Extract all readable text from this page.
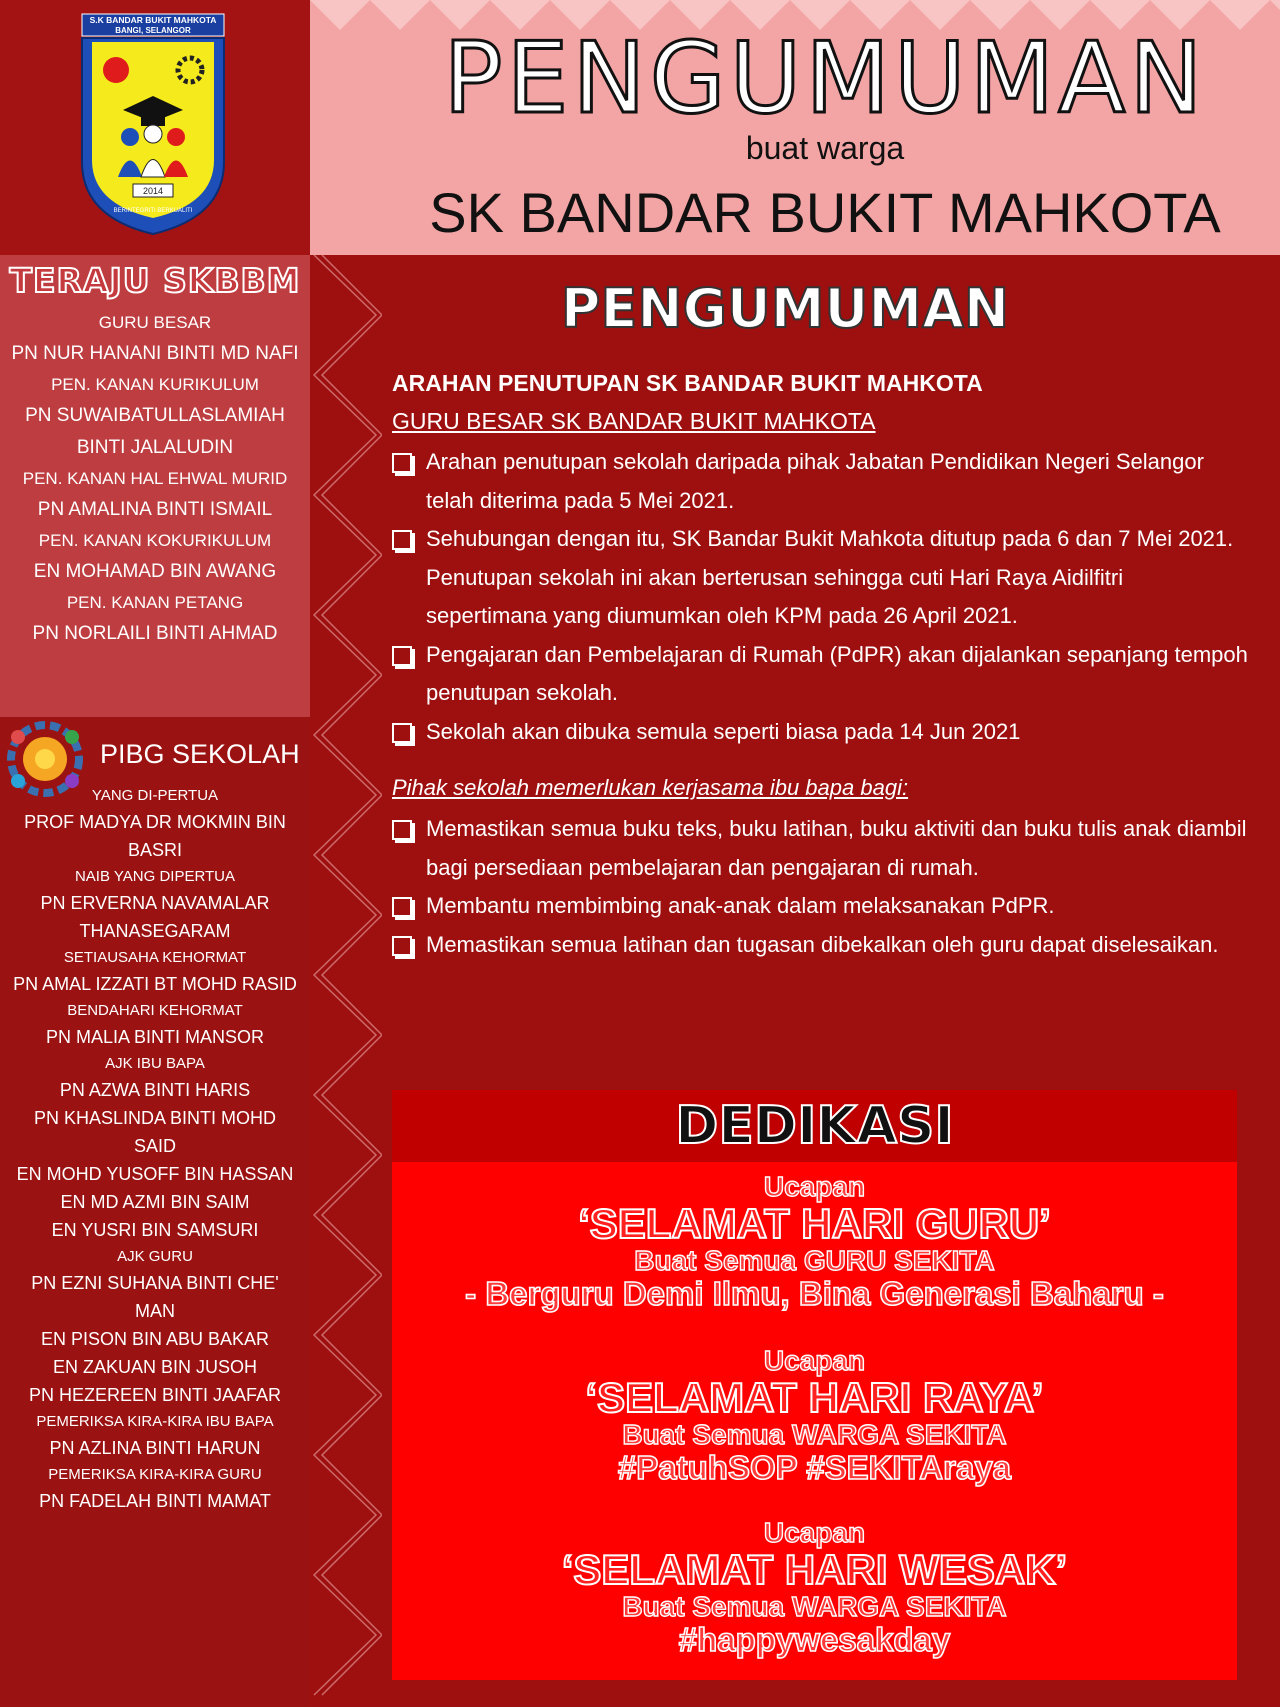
S.K BANDAR BUKIT MAHKOTA
BANGI, SELANGOR
2014
BERINTEGRITI BERKUALITI
TERAJU SKBBM
GURU BESAR
PN NUR HANANI BINTI MD NAFI
PEN. KANAN KURIKULUM
PN SUWAIBATULLASLAMIAH BINTI JALALUDIN
PEN. KANAN HAL EHWAL MURID
PN AMALINA BINTI ISMAIL
PEN. KANAN KOKURIKULUM
EN MOHAMAD BIN AWANG
PEN. KANAN PETANG
PN NORLAILI BINTI AHMAD
PIBG SEKOLAH
YANG DI-PERTUA
PROF MADYA DR MOKMIN BIN BASRI
NAIB YANG DIPERTUA
PN ERVERNA NAVAMALAR THANASEGARAM
SETIAUSAHA KEHORMAT
PN AMAL IZZATI BT MOHD RASID
BENDAHARI KEHORMAT
PN MALIA BINTI MANSOR
AJK IBU BAPA
PN AZWA BINTI HARIS
PN KHASLINDA BINTI MOHD SAID
EN MOHD YUSOFF BIN HASSAN
EN MD AZMI BIN SAIM
EN YUSRI BIN SAMSURI
AJK GURU
PN EZNI SUHANA BINTI CHE' MAN
EN PISON BIN ABU BAKAR
EN ZAKUAN BIN JUSOH
PN HEZEREEN BINTI JAAFAR
PEMERIKSA KIRA-KIRA IBU BAPA
PN AZLINA BINTI HARUN
PEMERIKSA KIRA-KIRA GURU
PN FADELAH BINTI MAMAT
PENGUMUMAN
buat warga
SK BANDAR BUKIT MAHKOTA
PENGUMUMAN
ARAHAN PENUTUPAN SK BANDAR BUKIT MAHKOTA
GURU BESAR SK BANDAR BUKIT MAHKOTA
Arahan penutupan sekolah daripada pihak Jabatan Pendidikan Negeri Selangor telah diterima pada 5 Mei 2021.
Sehubungan dengan itu, SK Bandar Bukit Mahkota ditutup pada 6 dan 7 Mei 2021. Penutupan sekolah ini akan berterusan sehingga cuti Hari Raya Aidilfitri sepertimana yang diumumkan oleh KPM pada 26 April 2021.
Pengajaran dan Pembelajaran di Rumah (PdPR) akan dijalankan sepanjang tempoh penutupan sekolah.
Sekolah akan dibuka semula seperti biasa pada 14 Jun 2021
Pihak sekolah memerlukan kerjasama ibu bapa bagi:
Memastikan semua buku teks, buku latihan, buku aktiviti dan buku tulis anak diambil bagi persediaan pembelajaran dan pengajaran di rumah.
Membantu membimbing anak-anak dalam melaksanakan PdPR.
Memastikan semua latihan dan tugasan dibekalkan oleh guru dapat diselesaikan.
DEDIKASI
Ucapan
‘SELAMAT HARI GURU’
Buat Semua GURU SEKITA
- Berguru Demi Ilmu, Bina Generasi Baharu -
Ucapan
‘SELAMAT HARI RAYA’
Buat Semua WARGA SEKITA
#PatuhSOP #SEKITAraya
Ucapan
‘SELAMAT HARI WESAK’
Buat Semua WARGA SEKITA
#happywesakday
